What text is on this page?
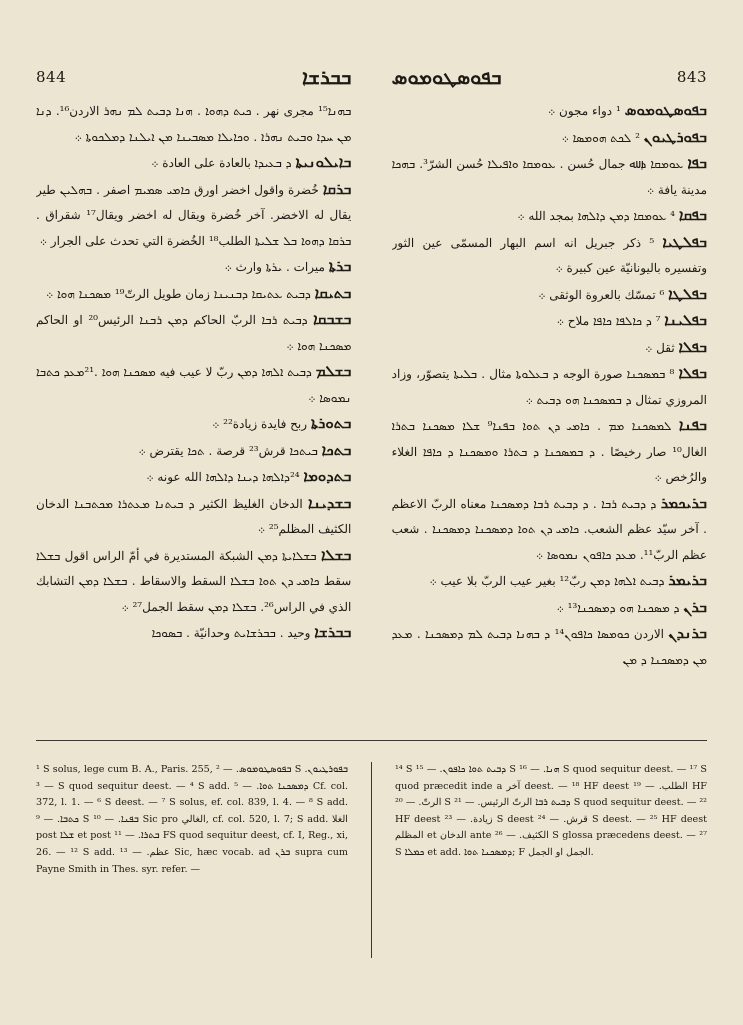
844	ܒܒܪܫܐ ܒܦܘܣܛܘܡܘܣ	843

ܒܗܢܐ¹⁵ مجرى نهر . ܟܝܬ ܕܗܘܐ . ܗܢܐ ܕܒܝܬ ܠܡ ܢܗܪ الاردن¹⁶. ܕܢܐ ܡܢ ܚܕܐ ܘܒܝܬ ܢܗܪܐ . ܘܟܐܝܠܐ ܡܣܒܝܢܐ ܡܢ ܐܝܠܢܐ ܕܡܠܟܘܬܐ ܀

ܒܐܝܠܘܢܝܬܐ ܕ ܒܥܝܕܐ بالعادة على العادة ܀

ܒܪܩܐ خُضرة واقول اخضر اورق ܟܐܡܝ ܣܡܝܡ اصفر . ܒܗܠܝܢ طير يقال له الاخضر. آخر خُضرة ويقال له اخضر ويقال¹⁷ شقراق . ܒܪܩܐ ܕܗܘܐ ܒܠ ܫܠܝܬܐ الطلب¹⁸ الخُضرة التي تحدث على الجرار ܀

ܒܪܬܐ ميرات . ܝܪܬܐ وارث ܀

ܒܬܝܩܐ ܕܒܝܬ ܥܬܝܩܐ ܕܒܢܝܢܐ زمان طويل الرتّ¹⁹ ܡܣܟܢܐ ܗܘܐ ܀

ܒܫܒܩܐ ܕܒܝܬ ܪܒܐ الربّ الحاكم ܕܡܢ ܪܒܢܐ الرئيس²⁰ او الحاكم ܡܣܟܢܐ ܗܘܐ ܀

ܒܫܠܡ ܕܒܝܬ ܐܠܗܐ ܕܡܢ ربّ لا عيب فيه ܡܣܟܢܐ ܗܘܐ .²¹ܡܥܕ ܟܬܒܐ ܢܡܘܣܐ ܀

ܒܬܘܪܬܐ ربح فايدة زيادة²² ܀

ܒܬܟܐ ܒܝܬܟܐ قرش²³ قرصة . ܬܟܐ يقترض ܀

ܒܬܕܘܡܐ ²⁴ܕܐܠܗܐ ܕܝܢܐ ܕܐܠܗܐ الله عونه ܀

ܒܫܕܝܢܐ الدخان الغليظ الكثير ܕ ܒܝܬܢܐ ܡܥܬܪܐ ܡܟܬܒܢܐ الدخان الكثيف المظلم²⁵ ܀

ܒܫܠܐ ܒܫܠܐܝܬܐ ܕܡܢ الشبكة المستديرة في أمّ الراس اقول ܒܫܠܐ سقط ܟܐܡܝ ܕܢ ܬܘܐ ܒܫܠܐ السقط والاسقاط . ܒܫܠܐ ܕܡܢ التشابك الذي في الراس²⁶. ܒܫܠܐ ܕܡܢ سقط الجمل²⁷ ܀

ܒܒܪܫܐ وحيد . ܒܒܪܫܐܝܬ وحدانيّة . ܒܣܘܟܐ

ܒܦܘܣܛܘܡܘܣ ¹ دواء مجون ܀

ܒܦܘܪܛܝܘܢ ² ܠܟܬ ܗܘܡܣܐ ܀

ܒܦܐ ܥܘܡܩܐ ܕ ﷲ جمال حُسن . ܥܘܡܩܐ ܘܐܦܝܠܐ حُسن الشرّ³. ܒܗܟܐ مدينة يافة ܀

ܒܦܩܐ ⁴ ܥܘܡܩܐ ܕܡܢ ܕܐܠܗܐ بمجد الله ܀

ܒܦܠܛܝܐ ⁵ ذكر جبريل انه اسم البهار المسمّى عين الثور وتفسيره باليونانيّة عين كبيرة ܀

ܒܦܠܛܐ ⁶ تمسّك بالعروة الوثقى ܀

ܒܦܠܝܢܐ ⁷ ܕ ܟܐܠܦܐ ܟܐܦܐ ملاح ܀

ܒܦܠܐ ثقل ܀

ܒܦܠܐ ⁸ ܒܡܣܟܢܐ صورة الوجه ܕ ܒܥܠܘܬܐ مثال . ܒܠܝܬܐ يتصوّر، وزاد المروزي تمثال ܕ ܒܡܣܟܢܐ ܗܘ ܕܒܝܬ ܀

ܒܦܢܐ ܠܡܣܟܢܐ ܡܡ . ܟܐܡܝ ܕܢ ܬܘܐ ܒܦܢܐ⁹ ܫܠܐ ܡܣܟܢܐ ܒܬܪܐ الغال¹⁰ صار رخيصًا . ܕ ܒܡܣܟܢܐ ܕ ܒܬܪܐ ܘܡܣܟܢܐ ܕ ܟܐܦܐ الغلاء والرُخص ܀

ܒܪܝܟܡܪ ܕ ܕܒܝܬ ܪܒܐ . ܕ ܕܒܝܬ ܪܒܐ ܕܡܣܟܢܐ معناه الربّ الاعظم . آخر سيّد عظم الشعب. ܟܐܡܝ ܕܢ ܬܘܐ ܕܡܣܟܢܐ ܕܡܣܟܢܐ . شعب عظم الربّ¹¹. ܡܥܕ ܟܐܦܘܢ ܢܡܘܣܐ ܀

ܒܪܝܡܪ ܕܒܝܬ ܐܠܗܐ ܕܡܢ ربّ¹² بغير عيب الربّ بلا عيب ܀

ܒܪܢ ܕ ܡܣܟܢܐ ܗܘ ܕܡܣܟܢܐ¹³ ܀

ܒܪܢܕܢ الاردن ܟܘܡܣܐ ܟܐܦܘܢ¹⁴ ܕ ܒܗܢܐ ܕܒܝܬ ܠܡ ܕܡܣܟܢܐ . ܡܥܕ ܡܢ ܕܡܣܟܢܐ ܕ ܡܢ

¹ S solus, lege cum B. A., Paris. 255, ܒܦܘܣܛܘܡܘܣ. — ² S ܒܦܘܪܛܝܘܢ. — ³ S quod sequitur deest. — ⁴ S add. ܕܡܣܟܢܐ ܬܘܐ. — ⁵ Cf. col. 372, l. 1. — ⁶ S deest. — ⁷ S solus, ef. col. 839, l. 4. — ⁸ S add. ܟܬܒܐ. — ⁹ S ܒܦܢܐ. — ¹⁰ Sic pro الغالي, cf. col. 520, l. 7; S add. الغلا post ܫܠܐ et post ܒܬܪܐ. — ¹¹ FS quod sequitur deest, cf. I, Reg., xi, 26. — ¹² S add. عظم. — ¹³ Sic, hæc vocab. ad ܒܪܢ supra cum Payne Smith in Thes. syr. refer. —

¹⁴ S ܕܒܝܬ ܬܘܐ ܟܐܦܘܢ. — ¹⁵ S ܗܢܐ. — ¹⁶ S quod sequitur deest. — ¹⁷ S quod præcedit inde a آخر deest. — ¹⁸ HF deest الطلب. — ¹⁹ HF الرتّ. — ²⁰ S ܕܒܝܬ ܪܒܐ الرتّ الرئيس. — ²¹ S quod sequitur deest. — ²² HF deest زيادة. — ²³ S deest قرش. — ²⁴ S deest. — ²⁵ HF deest المظلم et الدخان ante الكثيف. — ²⁶ S glossa præcedens deest. — ²⁷ S ܟܡܠܐ et add. ܕܡܣܟܢܐ ܬܘܐ; F الجمل او الجمل.
